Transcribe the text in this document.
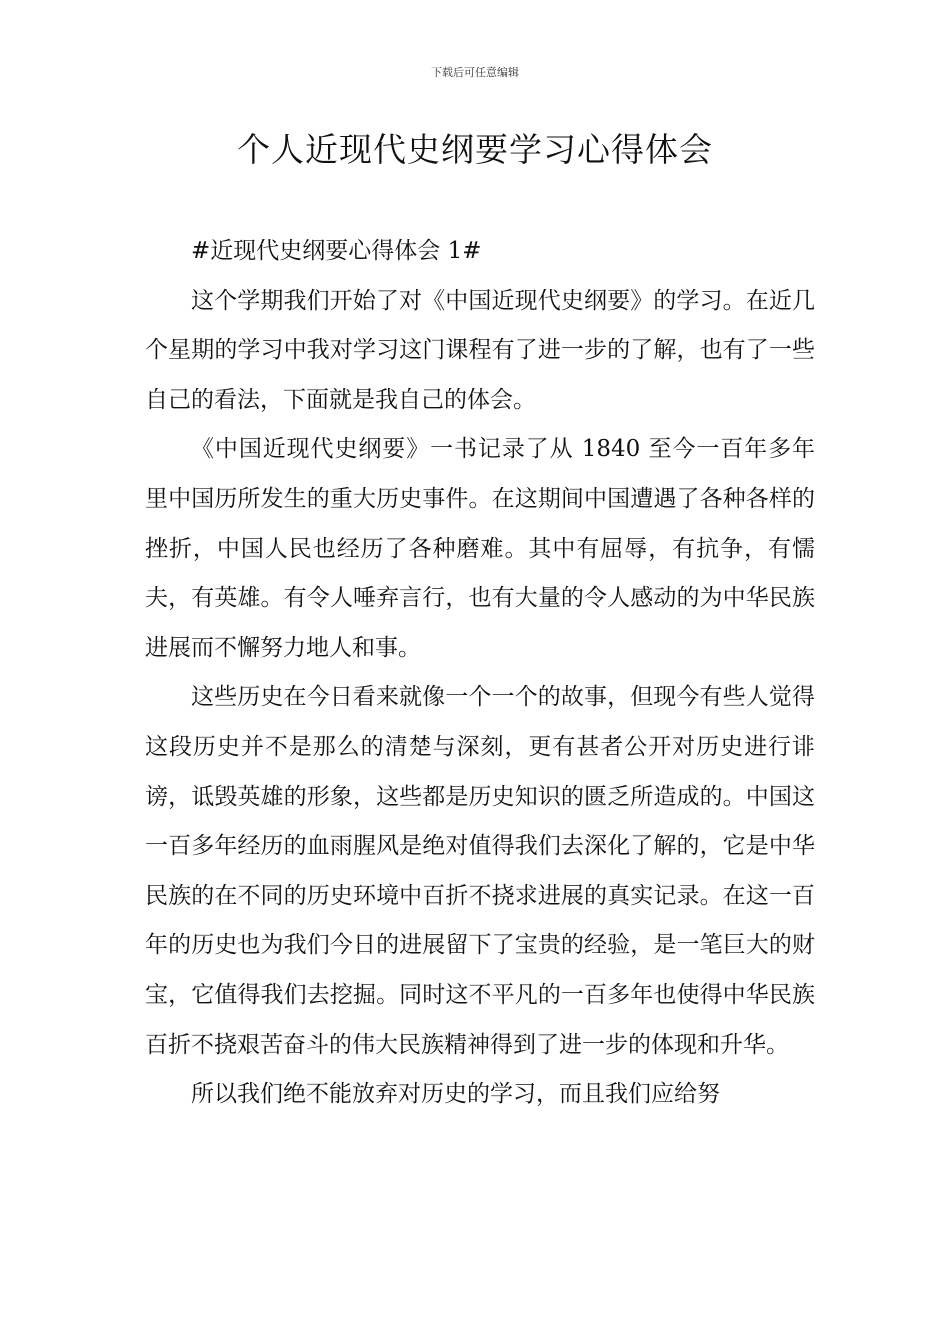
下载后可任意编辑
个人近现代史纲要学习心得体会

#近现代史纲要心得体会 1#

这个学期我们开始了对《中国近现代史纲要》的学习。在近几个星期的学习中我对学习这门课程有了进一步的了解，也有了一些自己的看法，下面就是我自己的体会。

《中国近现代史纲要》一书记录了从 1840 至今一百年多年里中国历所发生的重大历史事件。在这期间中国遭遇了各种各样的挫折，中国人民也经历了各种磨难。其中有屈辱，有抗争，有懦夫，有英雄。有令人唾弃言行，也有大量的令人感动的为中华民族进展而不懈努力地人和事。

这些历史在今日看来就像一个一个的故事，但现今有些人觉得这段历史并不是那么的清楚与深刻，更有甚者公开对历史进行诽谤，诋毁英雄的形象，这些都是历史知识的匮乏所造成的。中国这一百多年经历的血雨腥风是绝对值得我们去深化了解的，它是中华民族的在不同的历史环境中百折不挠求进展的真实记录。在这一百年的历史也为我们今日的进展留下了宝贵的经验，是一笔巨大的财宝，它值得我们去挖掘。同时这不平凡的一百多年也使得中华民族百折不挠艰苦奋斗的伟大民族精神得到了进一步的体现和升华。

所以我们绝不能放弃对历史的学习，而且我们应给努
